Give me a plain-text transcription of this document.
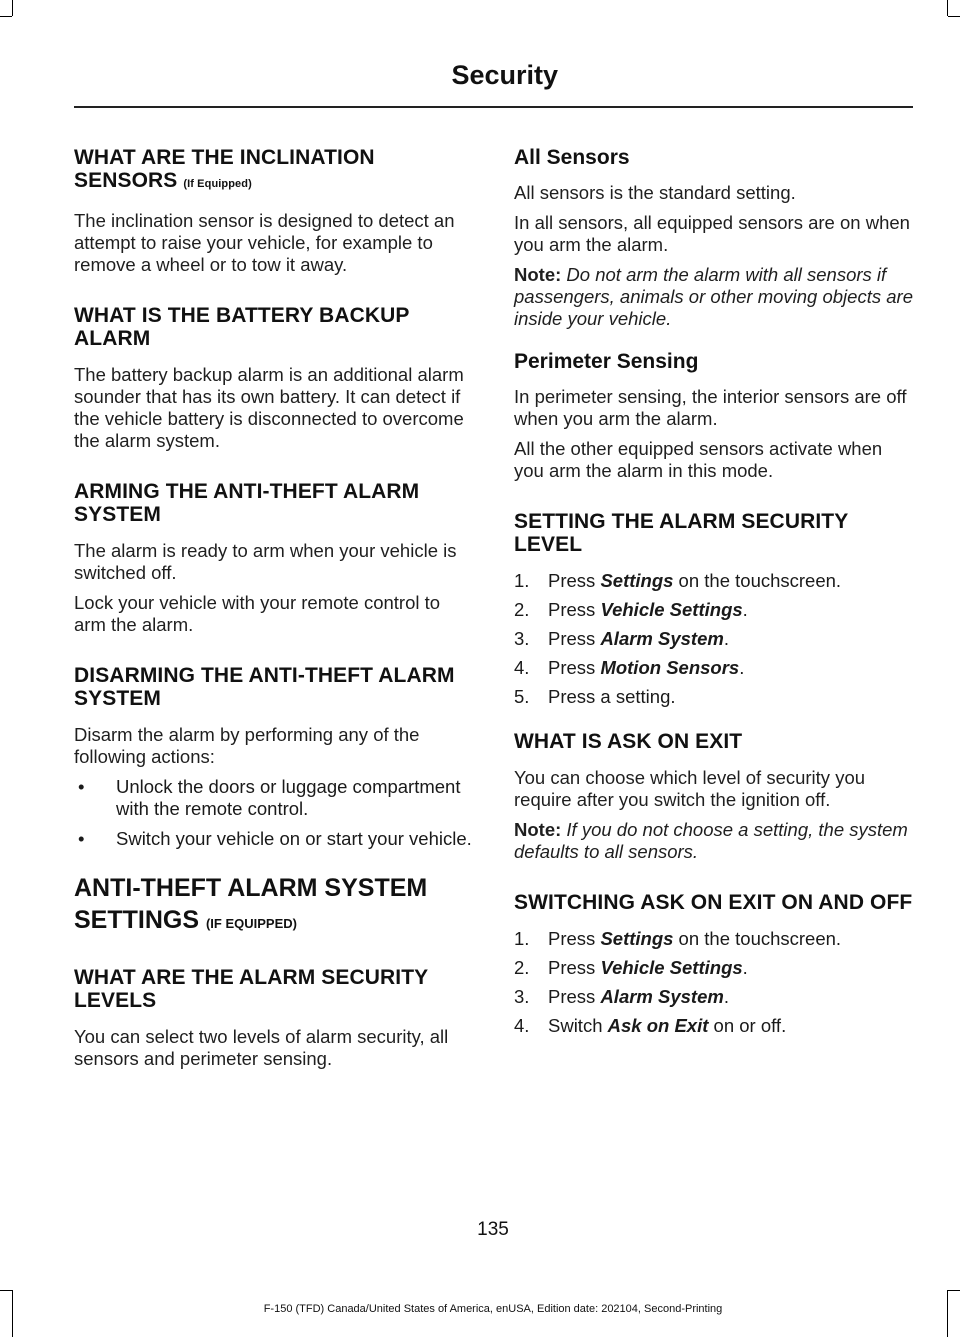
Security
WHAT ARE THE INCLINATION SENSORS (If Equipped)

The inclination sensor is designed to detect an attempt to raise your vehicle, for example to remove a wheel or to tow it away.

WHAT IS THE BATTERY BACKUP ALARM

The battery backup alarm is an additional alarm sounder that has its own battery. It can detect if the vehicle battery is disconnected to overcome the alarm system.

ARMING THE ANTI-THEFT ALARM SYSTEM

The alarm is ready to arm when your vehicle is switched off.

Lock your vehicle with your remote control to arm the alarm.

DISARMING THE ANTI-THEFT ALARM SYSTEM

Disarm the alarm by performing any of the following actions:

• Unlock the doors or luggage compartment with the remote control.
• Switch your vehicle on or start your vehicle.
ANTI-THEFT ALARM SYSTEM
SETTINGS (IF EQUIPPED)
WHAT ARE THE ALARM SECURITY LEVELS

You can select two levels of alarm security, all sensors and perimeter sensing.

All Sensors

All sensors is the standard setting.

In all sensors, all equipped sensors are on when you arm the alarm.

Note: Do not arm the alarm with all sensors if passengers, animals or other moving objects are inside your vehicle.

Perimeter Sensing

In perimeter sensing, the interior sensors are off when you arm the alarm.

All the other equipped sensors activate when you arm the alarm in this mode.

SETTING THE ALARM SECURITY LEVEL
1. Press Settings on the touchscreen.
2. Press Vehicle Settings.
3. Press Alarm System.
4. Press Motion Sensors.
5. Press a setting.
WHAT IS ASK ON EXIT

You can choose which level of security you require after you switch the ignition off.

Note: If you do not choose a setting, the system defaults to all sensors.

SWITCHING ASK ON EXIT ON AND OFF
1. Press Settings on the touchscreen.
2. Press Vehicle Settings.
3. Press Alarm System.
4. Switch Ask on Exit on or off.
135
F-150 (TFD) Canada/United States of America, enUSA, Edition date: 202104, Second-Printing
